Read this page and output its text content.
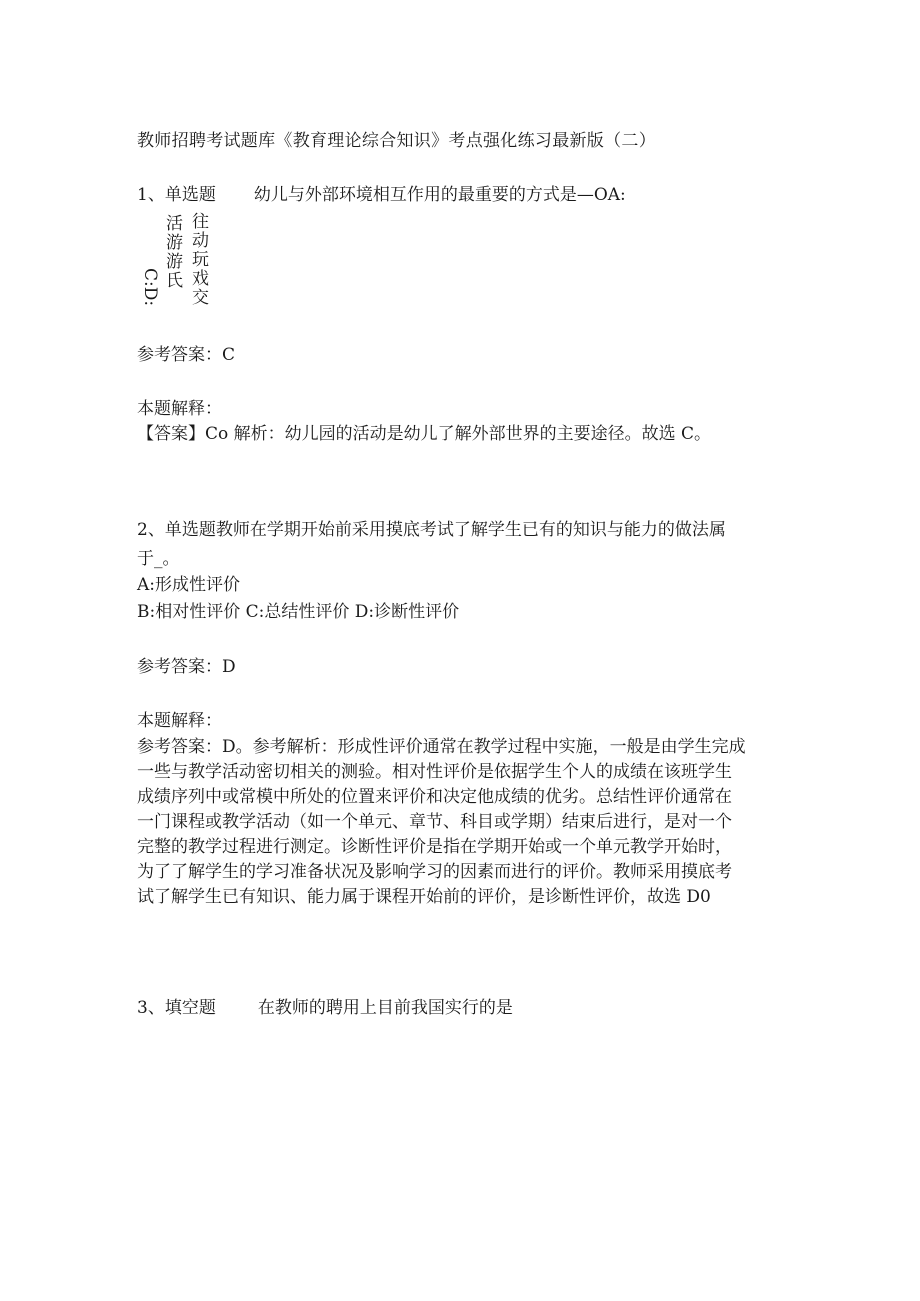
教师招聘考试题库《教育理论综合知识》考点强化练习最新版（二）
1、单选题 幼儿与外部环境相互作用的最重要的方式是—OA:
C:D: 活游游氏 往动玩戏交
参考答案：C
本题解释：
【答案】Co 解析：幼儿园的活动是幼儿了解外部世界的主要途径。故选 C。
2、单选题教师在学期开始前采用摸底考试了解学生已有的知识与能力的做法属
于_。
A:形成性评价
B:相对性评价 C:总结性评价 D:诊断性评价
参考答案：D
本题解释：
参考答案：D。参考解析：形成性评价通常在教学过程中实施，一般是由学生完成
一些与教学活动密切相关的测验。相对性评价是依据学生个人的成绩在该班学生
成绩序列中或常模中所处的位置来评价和决定他成绩的优劣。总结性评价通常在
一门课程或教学活动（如一个单元、章节、科目或学期）结束后进行，是对一个
完整的教学过程进行测定。诊断性评价是指在学期开始或一个单元教学开始时，
为了了解学生的学习准备状况及影响学习的因素而进行的评价。教师采用摸底考
试了解学生已有知识、能力属于课程开始前的评价，是诊断性评价，故选 D0
3、填空题 在教师的聘用上目前我国实行的是
